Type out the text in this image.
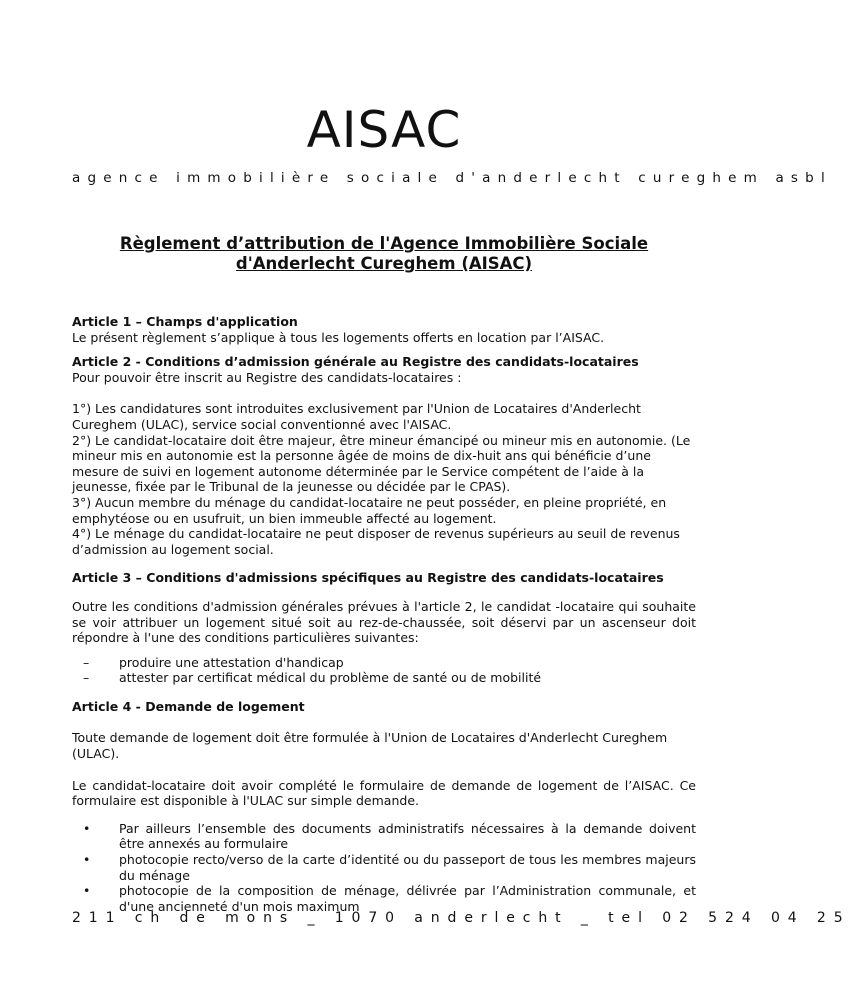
AISAC
agence immobilière sociale d'anderlecht cureghem asbl
Règlement d’attribution de l'Agence Immobilière Sociale
d'Anderlecht Cureghem (AISAC)

Article 1 – Champs d'application

Le présent règlement s’applique à tous les logements offerts en location par l’AISAC.

Article 2 - Conditions d’admission générale au Registre des candidats-locataires

Pour pouvoir être inscrit au Registre des candidats-locataires :

1°) Les candidatures sont introduites exclusivement par l'Union de Locataires d'Anderlecht Cureghem (ULAC), service social conventionné avec l'AISAC.

2°) Le candidat-locataire doit être majeur, être mineur émancipé ou mineur mis en autonomie. (Le mineur mis en autonomie est la personne âgée de moins de dix-huit ans qui bénéficie d’une mesure de suivi en logement autonome déterminée par le Service compétent de l’aide à la jeunesse, fixée par le Tribunal de la jeunesse ou décidée par le CPAS).

3°) Aucun membre du ménage du candidat-locataire ne peut posséder, en pleine propriété, en emphytéose ou en usufruit, un bien immeuble affecté au logement.

4°) Le ménage du candidat-locataire ne peut disposer de revenus supérieurs au seuil de revenus d’admission au logement social.

Article 3 – Conditions d'admissions spécifiques au Registre des candidats-locataires

Outre les conditions d'admission générales prévues à l'article 2, le candidat -locataire qui souhaite se voir attribuer un logement situé soit au rez-de-chaussée, soit déservi par un ascenseur doit répondre à l'une des conditions particulières suivantes:

– produire une attestation d'handicap
– attester par certificat médical du problème de santé ou de mobilité

Article 4 - Demande de logement

Toute demande de logement doit être formulée à l'Union de Locataires d'Anderlecht Cureghem (ULAC).

Le candidat-locataire doit avoir complété le formulaire de demande de logement de l’AISAC. Ce formulaire est disponible à l'ULAC sur simple demande.

• Par ailleurs l’ensemble des documents administratifs nécessaires à la demande doivent être annexés au formulaire
• photocopie recto/verso de la carte d’identité ou du passeport de tous les membres majeurs du ménage
• photocopie de la composition de ménage, délivrée par l’Administration communale, et d'une ancienneté d'un mois maximum
211 ch de mons _ 1070 anderlecht _ tel 02 524 04 25
